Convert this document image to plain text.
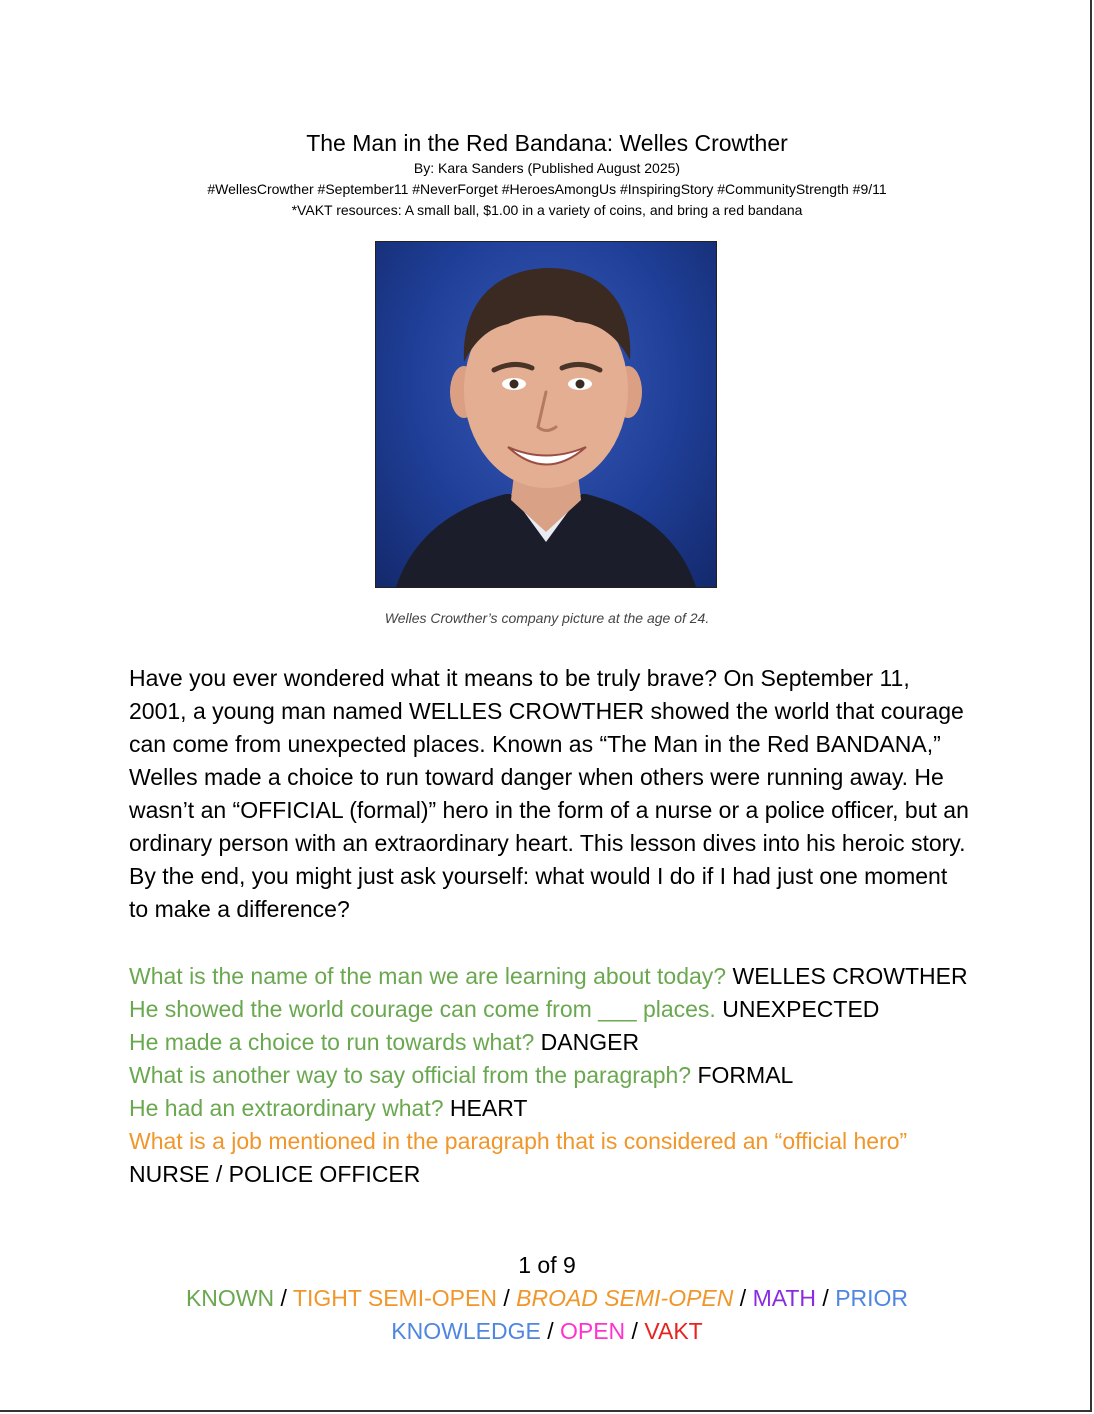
The Man in the Red Bandana: Welles Crowther

By: Kara Sanders (Published August 2025)

#WellesCrowther #September11 #NeverForget #HeroesAmongUs #InspiringStory #CommunityStrength #9/11

*VAKT resources: A small ball, $1.00 in a variety of coins, and bring a red bandana

Welles Crowther’s company picture at the age of 24.

Have you ever wondered what it means to be truly brave? On September 11, 2001, a young man named WELLES CROWTHER showed the world that courage can come from unexpected places. Known as “The Man in the Red BANDANA,” Welles made a choice to run toward danger when others were running away. He wasn’t an “OFFICIAL (formal)” hero in the form of a nurse or a police officer, but an ordinary person with an extraordinary heart. This lesson dives into his heroic story. By the end, you might just ask yourself: what would I do if I had just one moment to make a difference?

What is the name of the man we are learning about today? WELLES CROWTHER

He showed the world courage can come from ___ places. UNEXPECTED

He made a choice to run towards what? DANGER

What is another way to say official from the paragraph? FORMAL

He had an extraordinary what? HEART

What is a job mentioned in the paragraph that is considered an “official hero” NURSE / POLICE OFFICER

1 of 9
KNOWN / TIGHT SEMI-OPEN / BROAD SEMI-OPEN / MATH / PRIOR KNOWLEDGE / OPEN / VAKT
